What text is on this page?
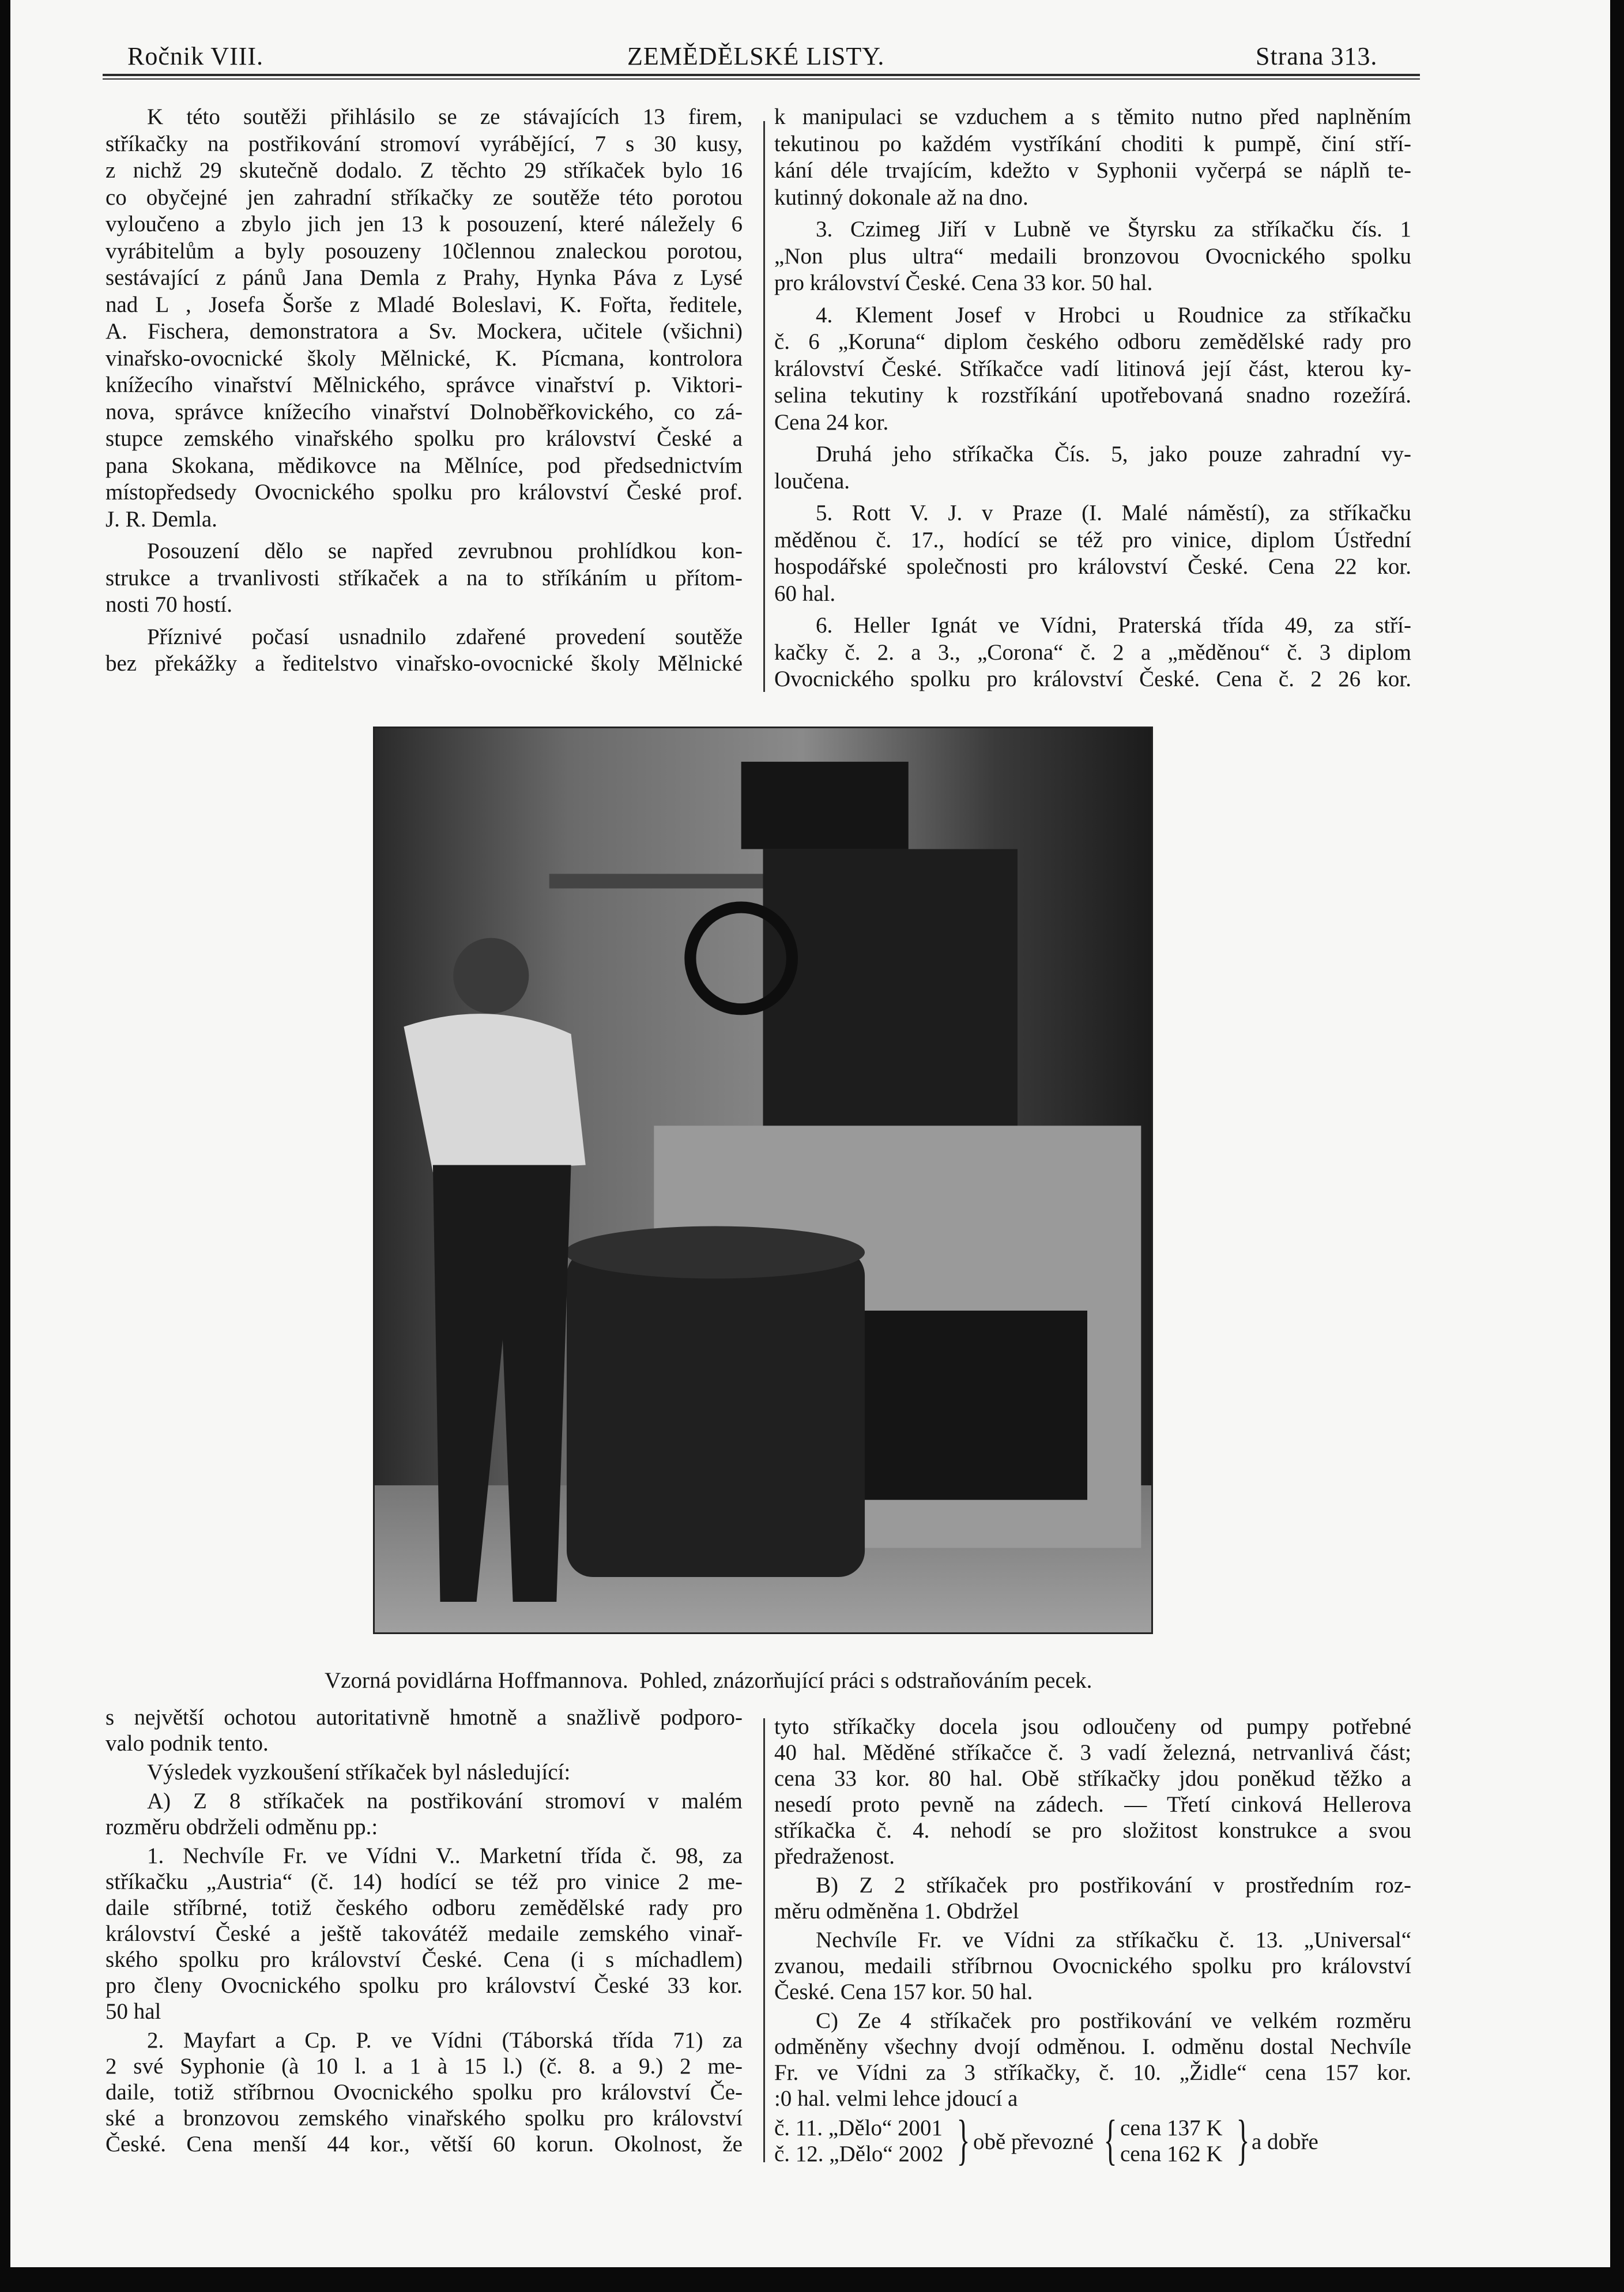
Ročnik VIII.	ZEMĚDĚLSKÉ LISTY.	Strana 313.
K této soutěži přihlásilo se ze stávajících 13 firem,
stříkačky na postřikování stromoví vyrábějící, 7 s 30 kusy,
z nichž 29 skutečně dodalo. Z těchto 29 stříkaček bylo 16
co obyčejné jen zahradní stříkačky ze soutěže této porotou
vyloučeno a zbylo jich jen 13 k posouzení, které náležely 6
vyrábitelům a byly posouzeny 10člennou znaleckou porotou,
sestávající z pánů Jana Demla z Prahy, Hynka Páva z Lysé
nad L , Josefa Šorše z Mladé Boleslavi, K. Fořta, ředitele,
A. Fischera, demonstratora a Sv. Mockera, učitele (všichni)
vinařsko-ovocnické školy Mělnické, K. Pícmana, kontrolora
knížecího vinařství Mělnického, správce vinařství p. Viktori-
nova, správce knížecího vinařství Dolnoběřkovického, co zá-
stupce zemského vinařského spolku pro království České a
pana Skokana, mědikovce na Mělníce, pod předsednictvím
místopředsedy Ovocnického spolku pro království České prof.
J. R. Demla.
Posouzení dělo se napřed zevrubnou prohlídkou kon-
strukce a trvanlivosti stříkaček a na to stříkáním u přítom-
nosti 70 hostí.
Příznivé počasí usnadnilo zdařené provedení soutěže
bez překážky a ředitelstvo vinařsko-ovocnické školy Mělnické
k manipulaci se vzduchem a s těmito nutno před naplněním
tekutinou po každém vystříkání choditi k pumpě, činí stří-
kání déle trvajícím, kdežto v Syphonii vyčerpá se náplň te-
kutinný dokonale až na dno.
3. Czimeg Jiří v Lubně ve Štyrsku za stříkačku čís. 1
„Non plus ultra“ medaili bronzovou Ovocnického spolku
pro království České. Cena 33 kor. 50 hal.
4. Klement Josef v Hrobci u Roudnice za stříkačku
č. 6 „Koruna“ diplom českého odboru zemědělské rady pro
království České. Stříkačce vadí litinová její část, kterou ky-
selina tekutiny k rozstříkání upotřebovaná snadno rozežírá.
Cena 24 kor.
Druhá jeho stříkačka Čís. 5, jako pouze zahradní vy-
loučena.
5. Rott V. J. v Praze (I. Malé náměstí), za stříkačku
měděnou č. 17., hodící se též pro vinice, diplom Ústřední
hospodářské společnosti pro království České. Cena 22 kor.
60 hal.
6. Heller Ignát ve Vídni, Praterská třída 49, za stří-
kačky č. 2. a 3., „Corona“ č. 2 a „měděnou“ č. 3 diplom
Ovocnického spolku pro království České. Cena č. 2 26 kor.
Vzorná povidlárna Hoffmannova.  Pohled, znázorňující práci s odstraňováním pecek.
s největší ochotou autoritativně hmotně a snažlivě podporo-
valo podnik tento.
Výsledek vyzkoušení stříkaček byl následující:
A) Z 8 stříkaček na postřikování stromoví v malém
rozměru obdrželi odměnu pp.:
1. Nechvíle Fr. ve Vídni V.. Marketní třída č. 98, za
stříkačku „Austria“ (č. 14) hodící se též pro vinice 2 me-
daile stříbrné, totiž českého odboru zemědělské rady pro
království České a ještě takovátéž medaile zemského vinař-
ského spolku pro království České. Cena (i s míchadlem)
pro členy Ovocnického spolku pro království České 33 kor.
50 hal
2. Mayfart a Cp. P. ve Vídni (Táborská třída 71) za
2 své Syphonie (à 10 l. a 1 à 15 l.) (č. 8. a 9.) 2 me-
daile, totiž stříbrnou Ovocnického spolku pro království Če-
ské a bronzovou zemského vinařského spolku pro království
České. Cena menší 44 kor., větší 60 korun. Okolnost, že
tyto stříkačky docela jsou odloučeny od pumpy potřebné
40 hal. Měděné stříkačce č. 3 vadí železná, netrvanlivá část;
cena 33 kor. 80 hal. Obě stříkačky jdou poněkud těžko a
nesedí proto pevně na zádech. — Třetí cinková Hellerova
stříkačka č. 4. nehodí se pro složitost konstrukce a svou
předraženost.
B) Z 2 stříkaček pro postřikování v prostředním roz-
měru odměněna 1. Obdržel
Nechvíle Fr. ve Vídni za stříkačku č. 13. „Universal“
zvanou, medaili stříbrnou Ovocnického spolku pro království
České. Cena 157 kor. 50 hal.
C) Ze 4 stříkaček pro postřikování ve velkém rozměru
odměněny všechny dvojí odměnou. I. odměnu dostal Nechvíle
Fr. ve Vídni za 3 stříkačky, č. 10. „Židle“ cena 157 kor.
:0 hal. velmi lehce jdoucí a
č. 11. „Dělo“ 2001
č. 12. „Dělo“ 2002 } obě převozné { cena 137 K
cena 162 K } a dobře
